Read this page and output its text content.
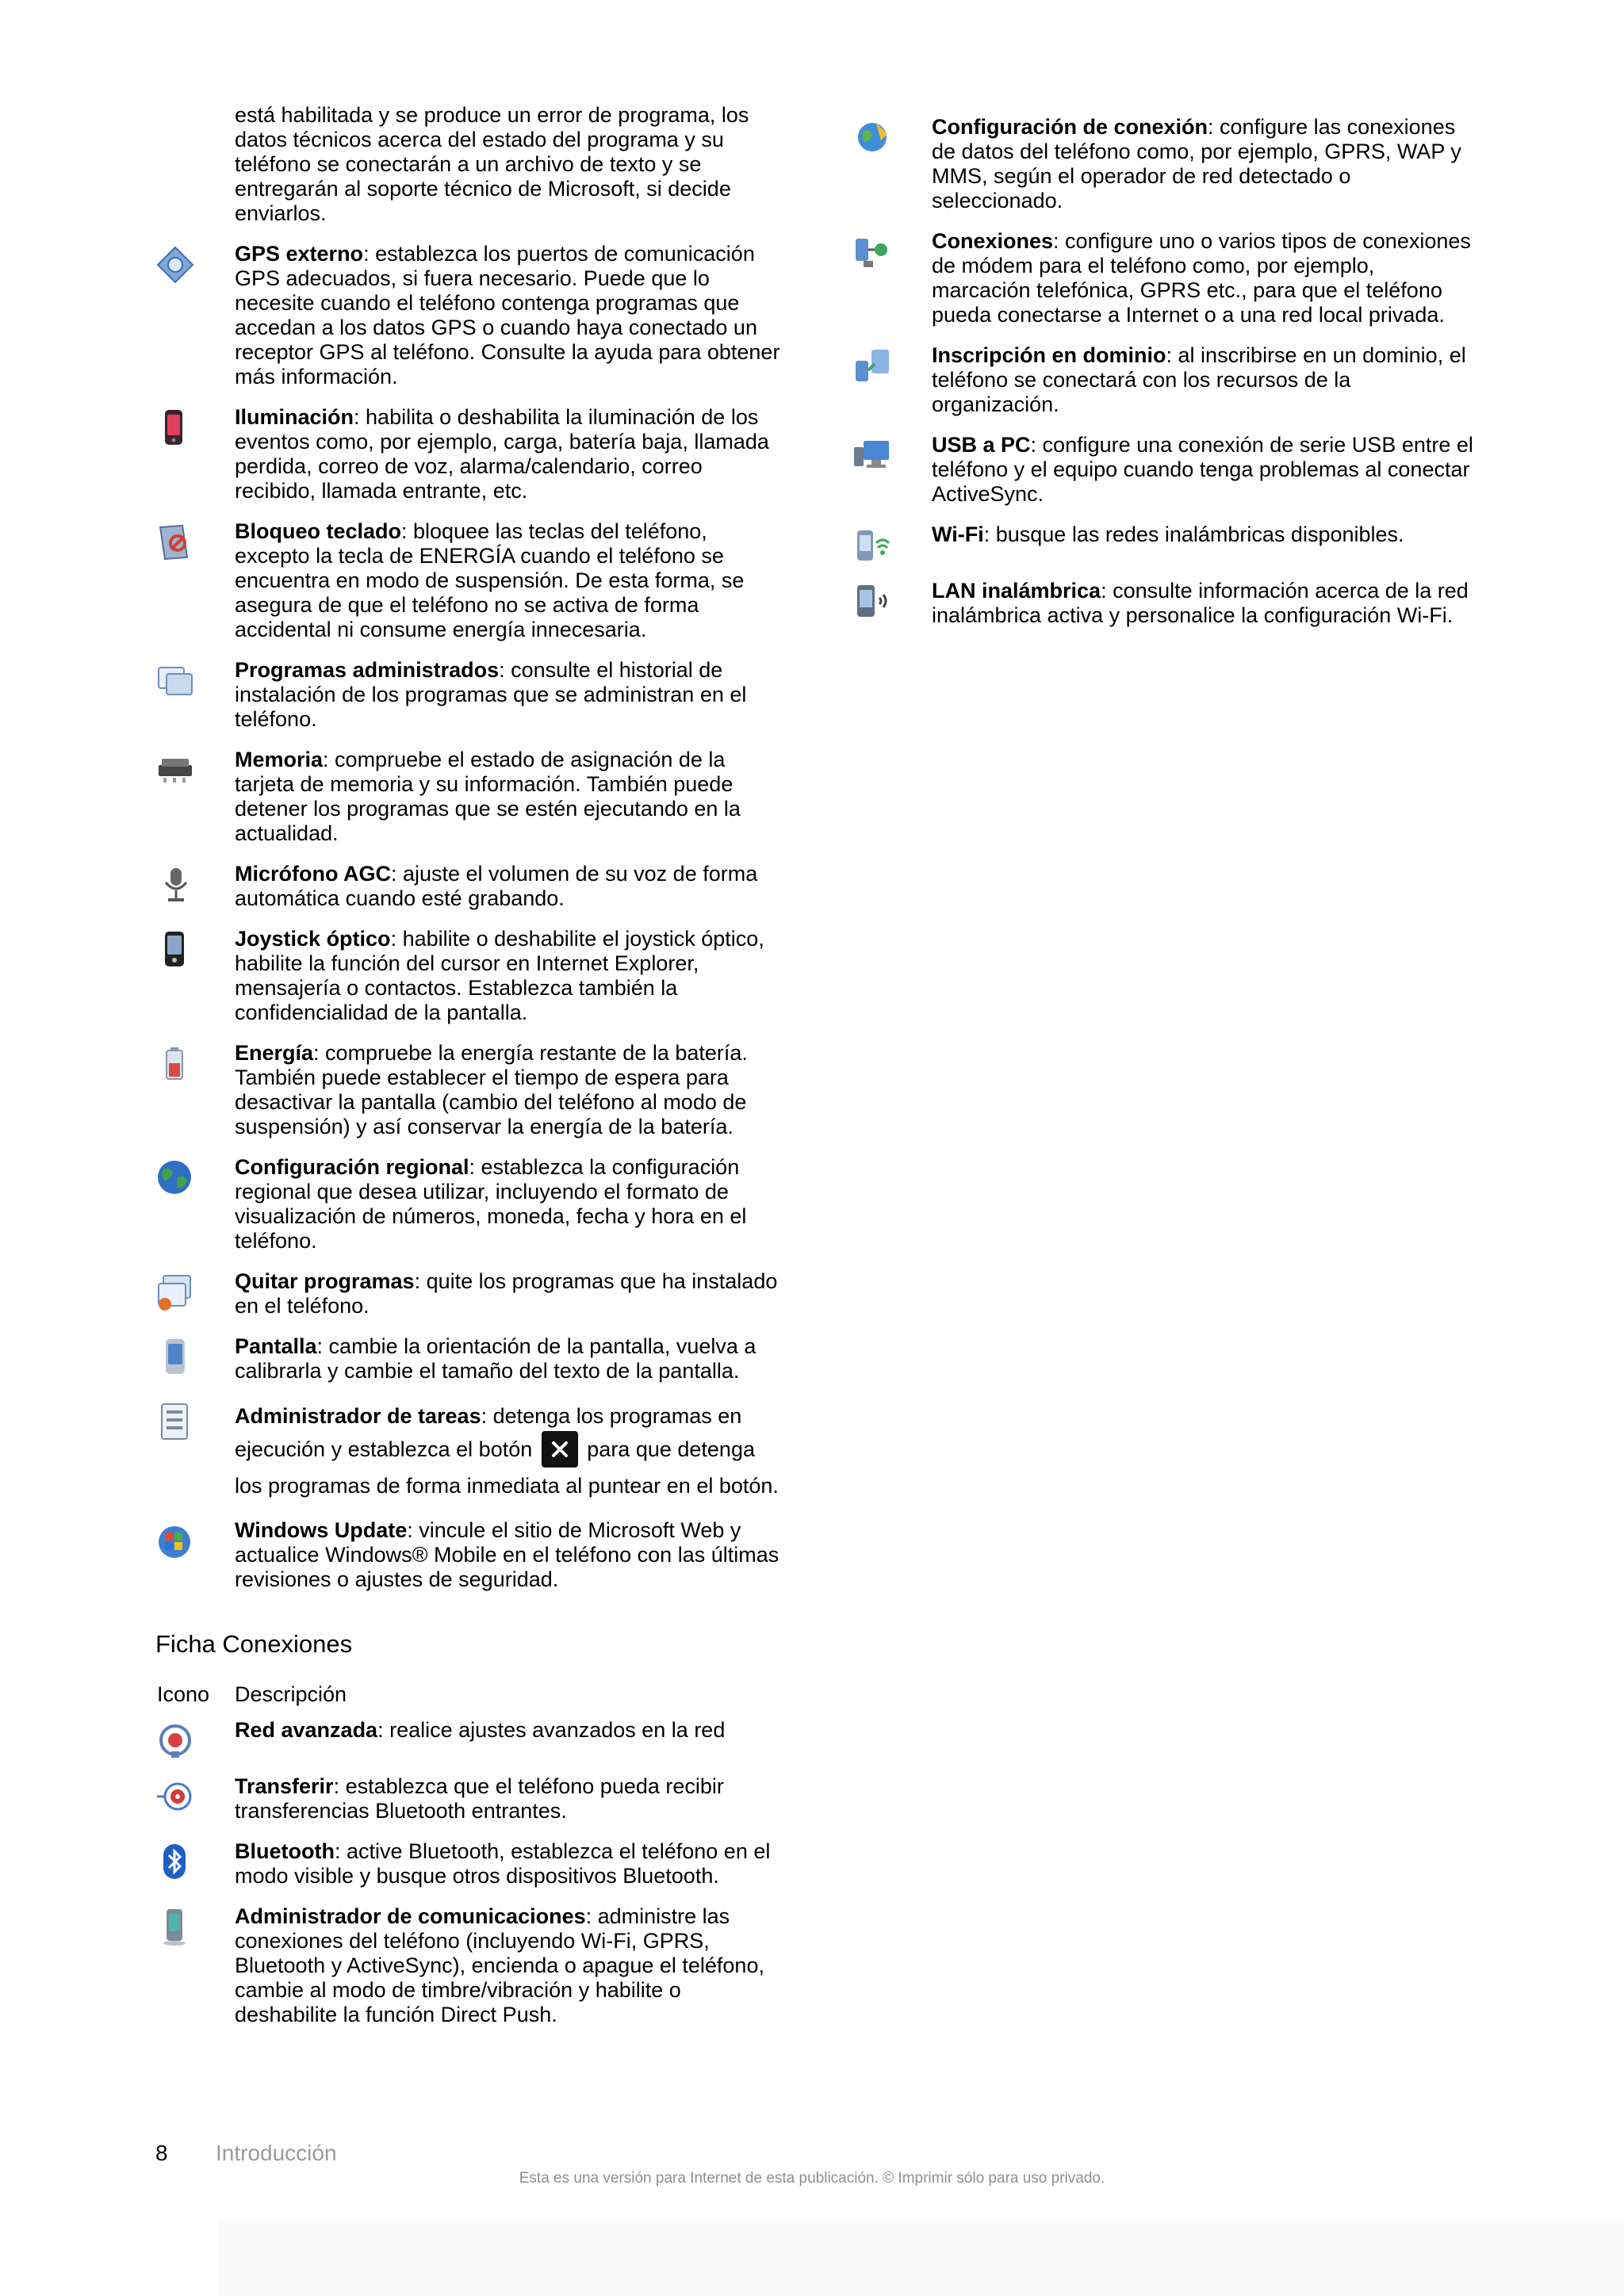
está habilitada y se produce un error de programa, los datos técnicos acerca del estado del programa y su teléfono se conectarán a un archivo de texto y se entregarán al soporte técnico de Microsoft, si decide enviarlos.
GPS externo: establezca los puertos de comunicación GPS adecuados, si fuera necesario. Puede que lo necesite cuando el teléfono contenga programas que accedan a los datos GPS o cuando haya conectado un receptor GPS al teléfono. Consulte la ayuda para obtener más información.
Iluminación: habilita o deshabilita la iluminación de los eventos como, por ejemplo, carga, batería baja, llamada perdida, correo de voz, alarma/calendario, correo recibido, llamada entrante, etc.
Bloqueo teclado: bloquee las teclas del teléfono, excepto la tecla de ENERGÍA cuando el teléfono se encuentra en modo de suspensión. De esta forma, se asegura de que el teléfono no se activa de forma accidental ni consume energía innecesaria.
Programas administrados: consulte el historial de instalación de los programas que se administran en el teléfono.
Memoria: compruebe el estado de asignación de la tarjeta de memoria y su información. También puede detener los programas que se estén ejecutando en la actualidad.
Micrófono AGC: ajuste el volumen de su voz de forma automática cuando esté grabando.
Joystick óptico: habilite o deshabilite el joystick óptico, habilite la función del cursor en Internet Explorer, mensajería o contactos. Establezca también la confidencialidad de la pantalla.
Energía: compruebe la energía restante de la batería. También puede establecer el tiempo de espera para desactivar la pantalla (cambio del teléfono al modo de suspensión) y así conservar la energía de la batería.
Configuración regional: establezca la configuración regional que desea utilizar, incluyendo el formato de visualización de números, moneda, fecha y hora en el teléfono.
Quitar programas: quite los programas que ha instalado en el teléfono.
Pantalla: cambie la orientación de la pantalla, vuelva a calibrarla y cambie el tamaño del texto de la pantalla.
Administrador de tareas: detenga los programas en ejecución y establezca el botón	para que detenga los programas de forma inmediata al puntear en el botón.
Windows Update: vincule el sitio de Microsoft Web y actualice Windows® Mobile en el teléfono con las últimas revisiones o ajustes de seguridad.
Ficha Conexiones
Icono Descripción
Red avanzada: realice ajustes avanzados en la red
Transferir: establezca que el teléfono pueda recibir transferencias Bluetooth entrantes.
Bluetooth: active Bluetooth, establezca el teléfono en el modo visible y busque otros dispositivos Bluetooth.
Administrador de comunicaciones: administre las conexiones del teléfono (incluyendo Wi-Fi, GPRS, Bluetooth y ActiveSync), encienda o apague el teléfono, cambie al modo de timbre/vibración y habilite o deshabilite la función Direct Push.
Configuración de conexión: configure las conexiones de datos del teléfono como, por ejemplo, GPRS, WAP y MMS, según el operador de red detectado o seleccionado.
Conexiones: configure uno o varios tipos de conexiones de módem para el teléfono como, por ejemplo, marcación telefónica, GPRS etc., para que el teléfono pueda conectarse a Internet o a una red local privada.
Inscripción en dominio: al inscribirse en un dominio, el teléfono se conectará con los recursos de la organización.
USB a PC: configure una conexión de serie USB entre el teléfono y el equipo cuando tenga problemas al conectar ActiveSync.
Wi-Fi: busque las redes inalámbricas disponibles.
LAN inalámbrica: consulte información acerca de la red inalámbrica activa y personalice la configuración Wi-Fi.
8 Introducción
Esta es una versión para Internet de esta publicación. © Imprimir sólo para uso privado.
